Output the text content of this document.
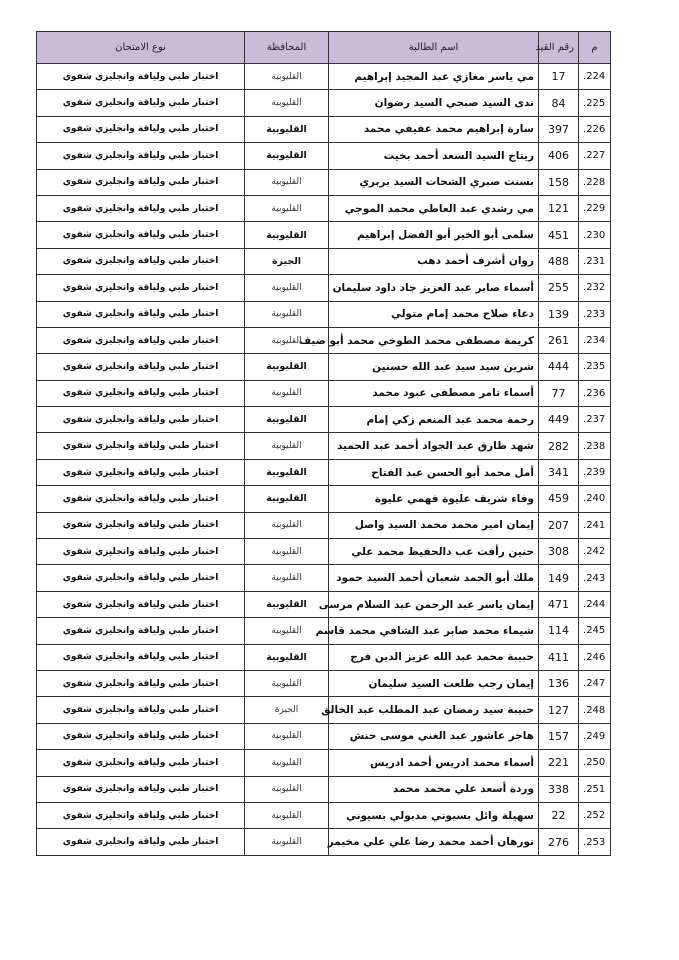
م	رقم القيد	اسم الطالبة	المحافظة	نوع الامتحان
224.	17	مي ياسر مغازي عبد المجيد إبراهيم	القليوبية	اختبار طبي ولياقة وانجليزي شفوي
225.	84	ندى السيد صبحي السيد رضوان	القليوبية	اختبار طبي ولياقة وانجليزي شفوي
226.	397	سارة إبراهيم محمد عفيفي محمد	القليوبية	اختبار طبي ولياقة وانجليزي شفوي
227.	406	ريتاج السيد السعد أحمد بخيت	القليوبية	اختبار طبي ولياقة وانجليزي شفوي
228.	158	بسنت صبري الشحات السيد بربري	القليوبية	اختبار طبي ولياقة وانجليزي شفوي
229.	121	مي رشدي عبد العاطي محمد الموجي	القليوبية	اختبار طبي ولياقة وانجليزي شفوي
230.	451	سلمى أبو الخير أبو الفضل إبراهيم	القليوبية	اختبار طبي ولياقة وانجليزي شفوي
231.	488	روان أشرف أحمد دهب	الجيزة	اختبار طبي ولياقة وانجليزي شفوي
232.	255	أسماء صابر عبد العزيز جاد داود سليمان	القليوبية	اختبار طبي ولياقة وانجليزي شفوي
233.	139	دعاء صلاح محمد إمام متولي	القليوبية	اختبار طبي ولياقة وانجليزي شفوي
234.	261	كريمة مصطفى محمد الطوخي محمد أبو ضيف	القليوبية	اختبار طبي ولياقة وانجليزي شفوي
235.	444	شرين سيد سيد عبد الله حسنين	القليوبية	اختبار طبي ولياقة وانجليزي شفوي
236.	77	أسماء تامر مصطفى عبود محمد	القليوبية	اختبار طبي ولياقة وانجليزي شفوي
237.	449	رحمة محمد عبد المنعم زكي إمام	القليوبية	اختبار طبي ولياقة وانجليزي شفوي
238.	282	شهد طارق عبد الجواد أحمد عبد الحميد	القليوبية	اختبار طبي ولياقة وانجليزي شفوي
239.	341	أمل محمد أبو الحسن عبد الفتاح	القليوبية	اختبار طبي ولياقة وانجليزي شفوي
240.	459	وفاء شريف عليوة فهمي عليوة	القليوبية	اختبار طبي ولياقة وانجليزي شفوي
241.	207	إيمان امير محمد محمد السيد واصل	القليوبية	اختبار طبي ولياقة وانجليزي شفوي
242.	308	حنين رأفت عب دالحفيظ محمد علي	القليوبية	اختبار طبي ولياقة وانجليزي شفوي
243.	149	ملك أبو الحمد شعبان أحمد السيد حمود	القليوبية	اختبار طبي ولياقة وانجليزي شفوي
244.	471	إيمان ياسر عبد الرحمن عبد السلام مرسى	القليوبية	اختبار طبي ولياقة وانجليزي شفوي
245.	114	شيماء محمد صابر عبد الشافي محمد قاسم	القليوبية	اختبار طبي ولياقة وانجليزي شفوي
246.	411	حبيبة محمد عبد الله عزيز الدين فرج	القليوبية	اختبار طبي ولياقة وانجليزي شفوي
247.	136	إيمان رجب طلعت السيد سليمان	القليوبية	اختبار طبي ولياقة وانجليزي شفوي
248.	127	حبيبة سيد رمضان عبد المطلب عبد الخالق	الجيزة	اختبار طبي ولياقة وانجليزي شفوي
249.	157	هاجر عاشور عبد الغني موسى حنش	القليوبية	اختبار طبي ولياقة وانجليزي شفوي
250.	221	أسماء محمد ادريس أحمد ادريس	القليوبية	اختبار طبي ولياقة وانجليزي شفوي
251.	338	وردة أسعد علي محمد محمد	القليوبية	اختبار طبي ولياقة وانجليزي شفوي
252.	22	سهيلة وائل بسيوني مدبولي بسيوني	القليوبية	اختبار طبي ولياقة وانجليزي شفوي
253.	276	نورهان أحمد محمد رضا علي علي مخيمر	القليوبية	اختبار طبي ولياقة وانجليزي شفوي
